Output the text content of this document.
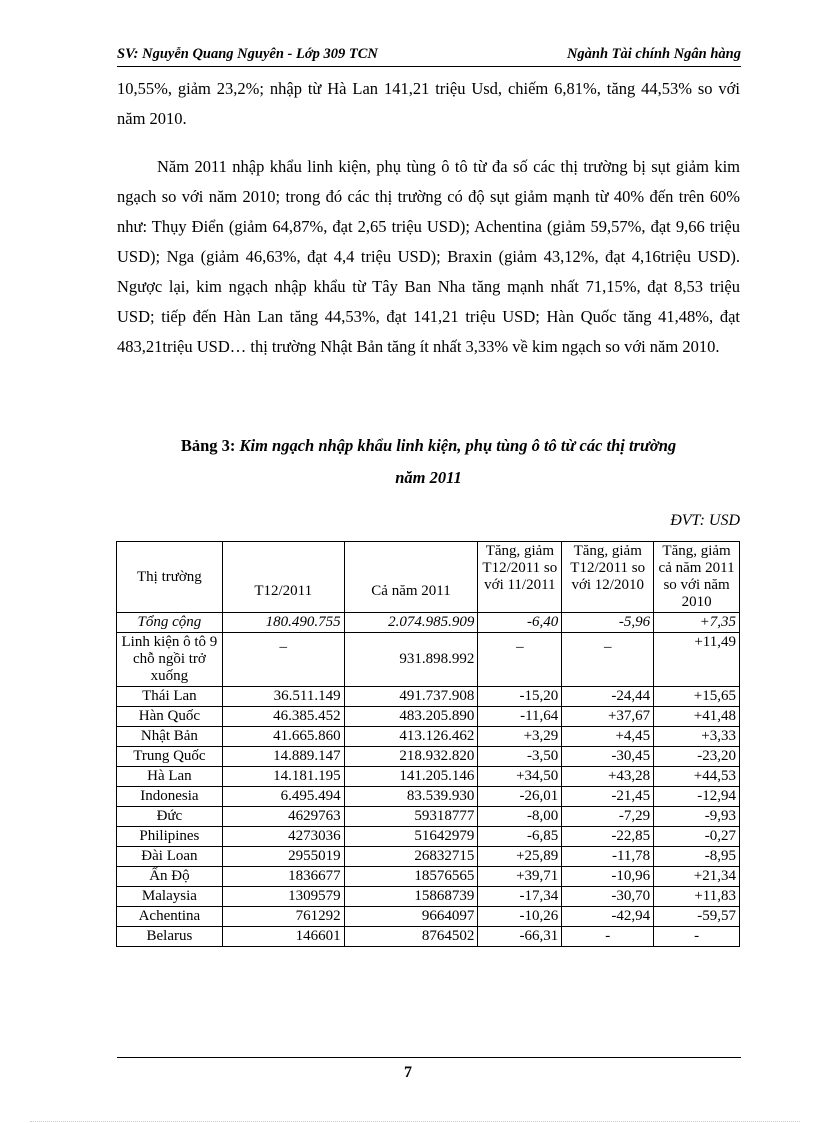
SV: Nguyễn Quang Nguyên - Lớp 309 TCN	Ngành Tài chính Ngân hàng

10,55%, giảm 23,2%; nhập từ Hà Lan 141,21 triệu Usd, chiếm 6,81%, tăng 44,53% so với năm 2010.

Năm 2011 nhập khẩu linh kiện, phụ tùng ô tô từ đa số các thị trường bị sụt giảm kim ngạch so với năm 2010; trong đó các thị trường có độ sụt giảm mạnh từ 40% đến trên 60% như: Thụy Điển (giảm 64,87%, đạt 2,65 triệu USD); Achentina (giảm 59,57%, đạt 9,66 triệu USD); Nga (giảm 46,63%, đạt 4,4 triệu USD); Braxin (giảm 43,12%, đạt 4,16triệu USD). Ngược lại, kim ngạch nhập khẩu từ Tây Ban Nha tăng mạnh nhất 71,15%, đạt 8,53 triệu USD; tiếp đến Hàn Lan tăng 44,53%, đạt 141,21 triệu USD; Hàn Quốc tăng 41,48%, đạt 483,21triệu USD… thị trường Nhật Bản tăng ít nhất 3,33% về kim ngạch so với năm 2010.

Bảng 3: Kim ngạch nhập khẩu linh kiện, phụ tùng ô tô từ các thị trường
năm 2011
ĐVT: USD
Thị trường	T12/2011	Cả năm 2011	Tăng, giảm T12/2011 so với 11/2011	Tăng, giảm T12/2011 so với 12/2010	Tăng, giảm cả năm 2011 so với năm 2010
Tổng cộng	180.490.755	2.074.985.909	-6,40	-5,96	+7,35
Linh kiện ô tô 9 chỗ ngồi trở xuống	_	931.898.992	_	_	+11,49
Thái Lan	36.511.149	491.737.908	-15,20	-24,44	+15,65
Hàn Quốc	46.385.452	483.205.890	-11,64	+37,67	+41,48
Nhật Bản	41.665.860	413.126.462	+3,29	+4,45	+3,33
Trung Quốc	14.889.147	218.932.820	-3,50	-30,45	-23,20
Hà Lan	14.181.195	141.205.146	+34,50	+43,28	+44,53
Indonesia	6.495.494	83.539.930	-26,01	-21,45	-12,94
Đức	4629763	59318777	-8,00	-7,29	-9,93
Philipines	4273036	51642979	-6,85	-22,85	-0,27
Đài Loan	2955019	26832715	+25,89	-11,78	-8,95
Ấn Độ	1836677	18576565	+39,71	-10,96	+21,34
Malaysia	1309579	15868739	-17,34	-30,70	+11,83
Achentina	761292	9664097	-10,26	-42,94	-59,57
Belarus	146601	8764502	-66,31	-	-
7
